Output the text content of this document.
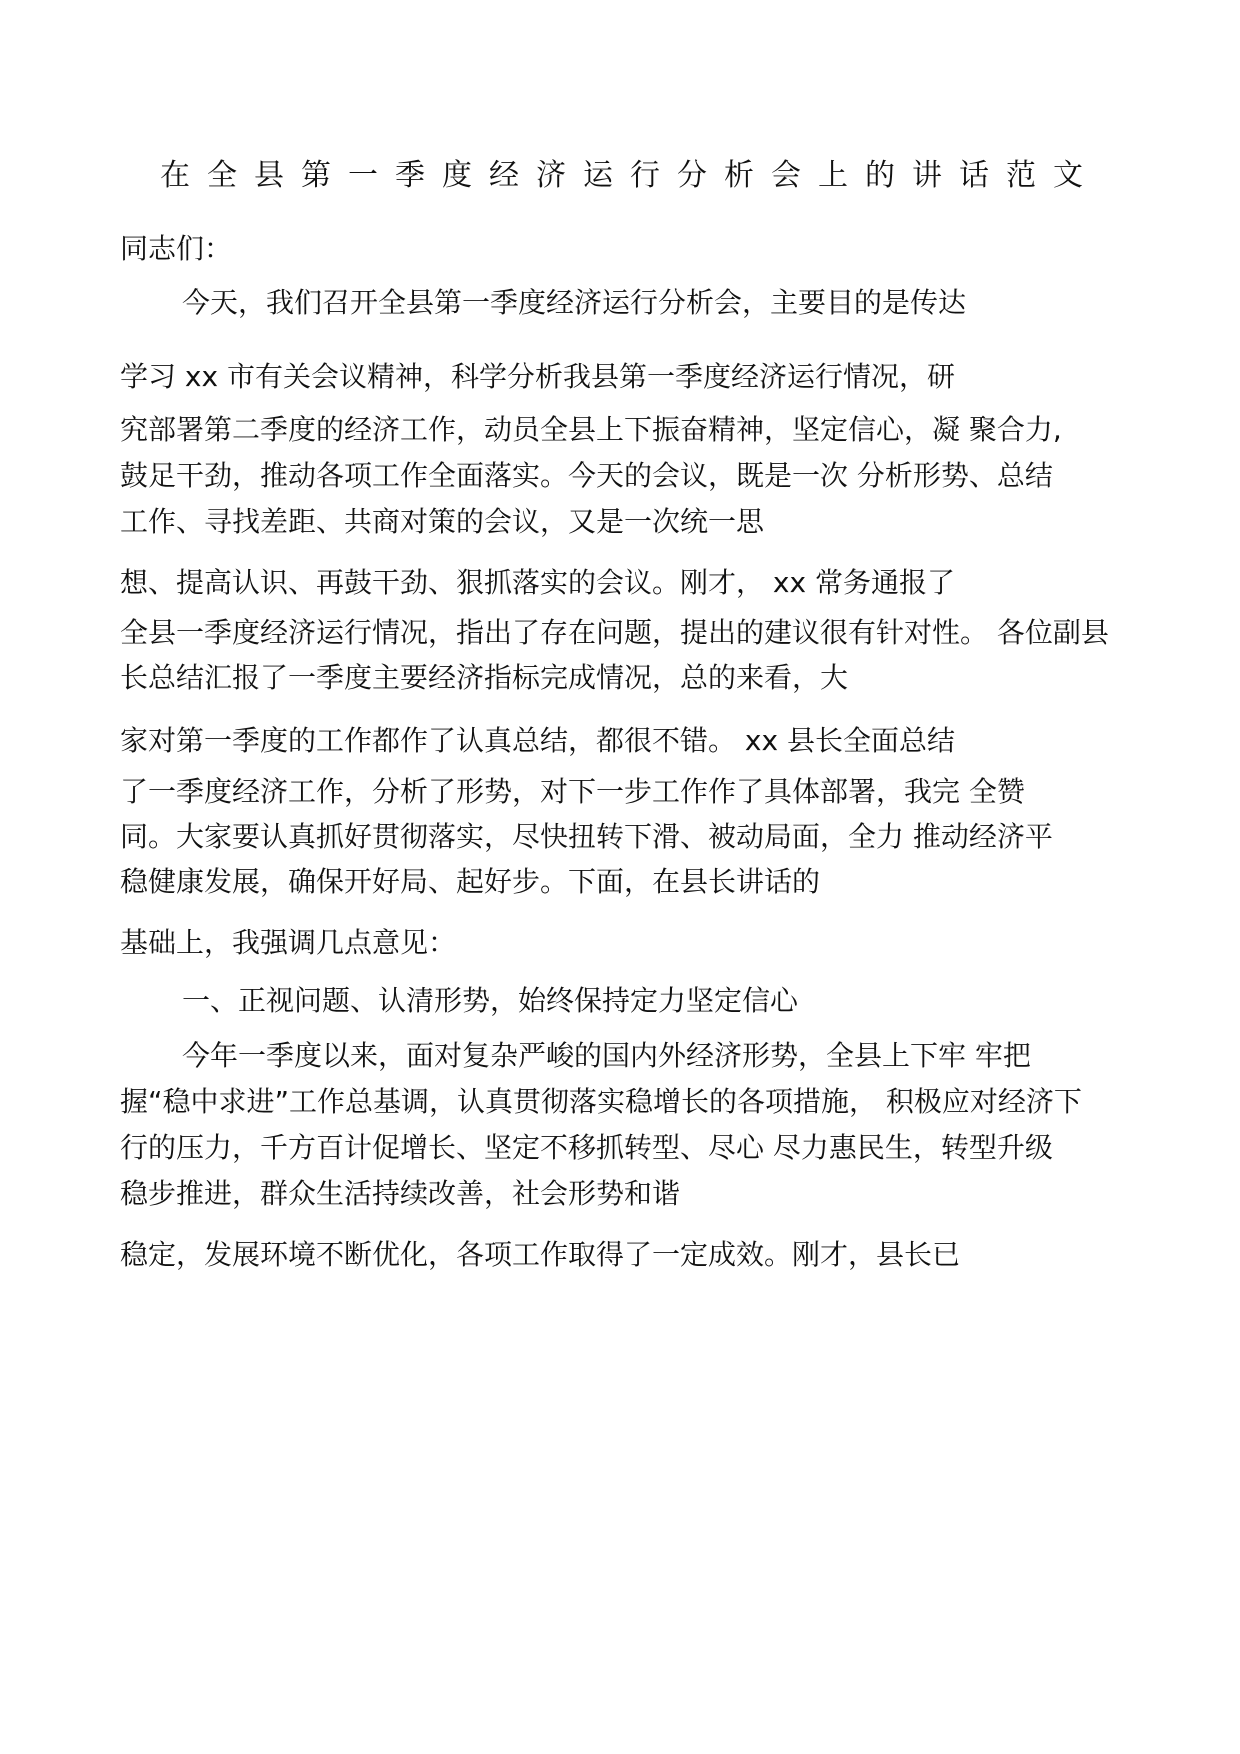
在全县第一季度经济运行分析会上的讲话范文
同志们：
今天，我们召开全县第一季度经济运行分析会，主要目的是传达
学习 xx 市有关会议精神，科学分析我县第一季度经济运行情况，研
究部署第二季度的经济工作，动员全县上下振奋精神，坚定信心，凝 聚合力,
鼓足干劲，推动各项工作全面落实。今天的会议，既是一次 分析形势、总结
工作、寻找差距、共商对策的会议，又是一次统一思
想、提高认识、再鼓干劲、狠抓落实的会议。刚才， xx 常务通报了
全县一季度经济运行情况，指出了存在问题，提出的建议很有针对性。 各位副县
长总结汇报了一季度主要经济指标完成情况，总的来看，大
家对第一季度的工作都作了认真总结，都很不错。 xx 县长全面总结
了一季度经济工作，分析了形势，对下一步工作作了具体部署，我完 全赞
同。大家要认真抓好贯彻落实，尽快扭转下滑、被动局面，全力 推动经济平
稳健康发展，确保开好局、起好步。下面，在县长讲话的
基础上，我强调几点意见：
一、正视问题、认清形势，始终保持定力坚定信心
今年一季度以来，面对复杂严峻的国内外经济形势，全县上下牢 牢把
握“稳中求进”工作总基调，认真贯彻落实稳增长的各项措施， 积极应对经济下
行的压力，千方百计促增长、坚定不移抓转型、尽心 尽力惠民生，转型升级
稳步推进，群众生活持续改善，社会形势和谐
稳定，发展环境不断优化，各项工作取得了一定成效。刚才，县长已
